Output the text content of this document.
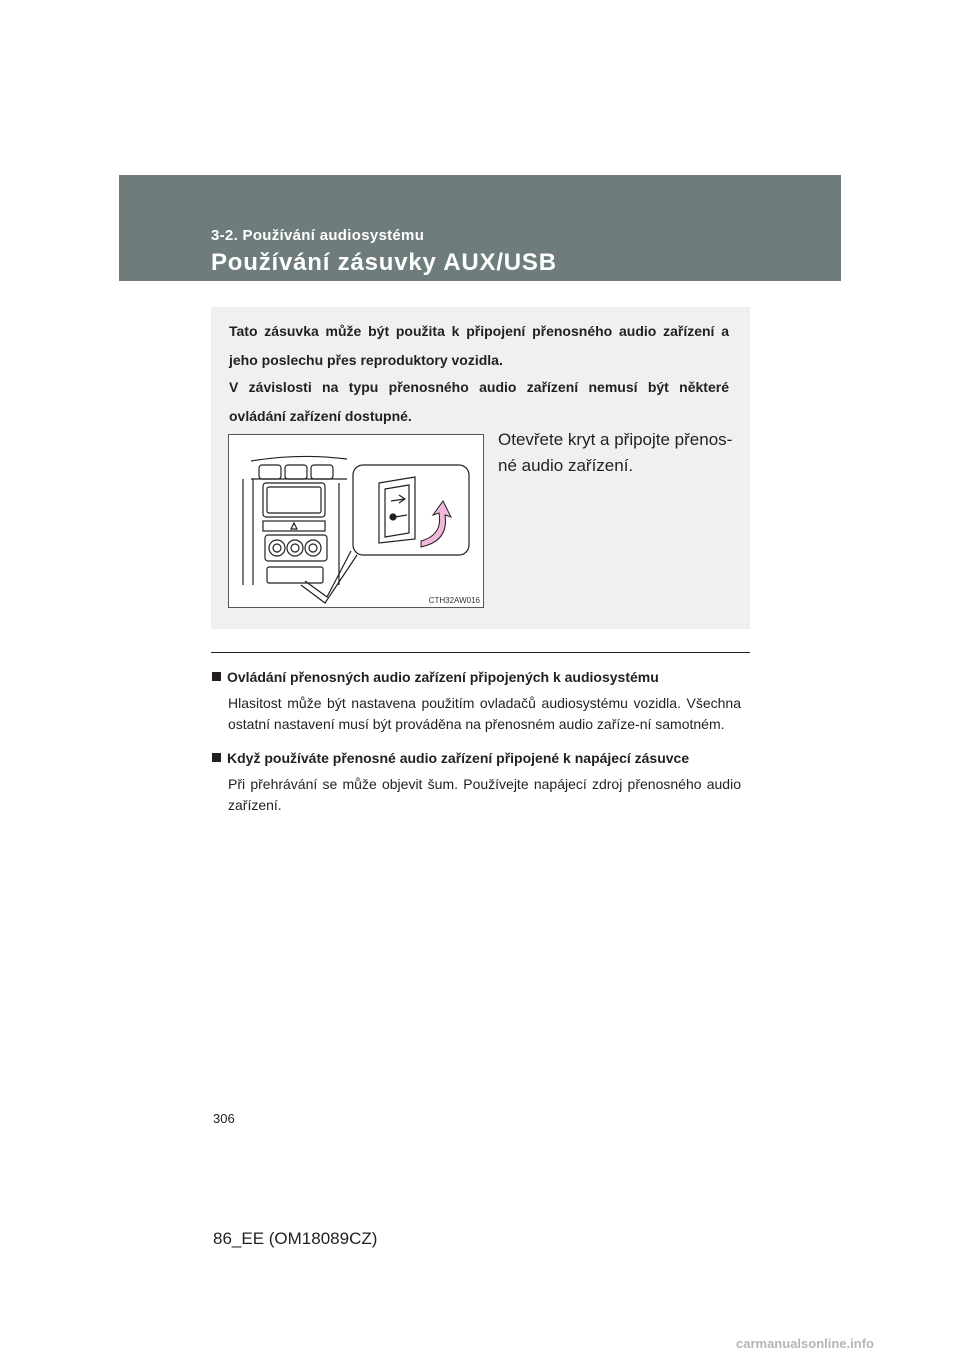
3-2. Používání audiosystému
Používání zásuvky AUX/USB

Tato zásuvka může být použita k připojení přenosného audio zařízení a jeho poslechu přes reproduktory vozidla.

V závislosti na typu přenosného audio zařízení nemusí být některé ovládání zařízení dostupné.

CTH32AW016

Otevřete kryt a připojte přenos-né audio zařízení.

Ovládání přenosných audio zařízení připojených k audiosystému

Hlasitost může být nastavena použitím ovladačů audiosystému vozidla. Všechna ostatní nastavení musí být prováděna na přenosném audio zaříze-ní samotném.

Když používáte přenosné audio zařízení připojené k napájecí zásuvce

Při přehrávání se může objevit šum. Používejte napájecí zdroj přenosného audio zařízení.

306
86_EE (OM18089CZ)
carmanualsonline.info
